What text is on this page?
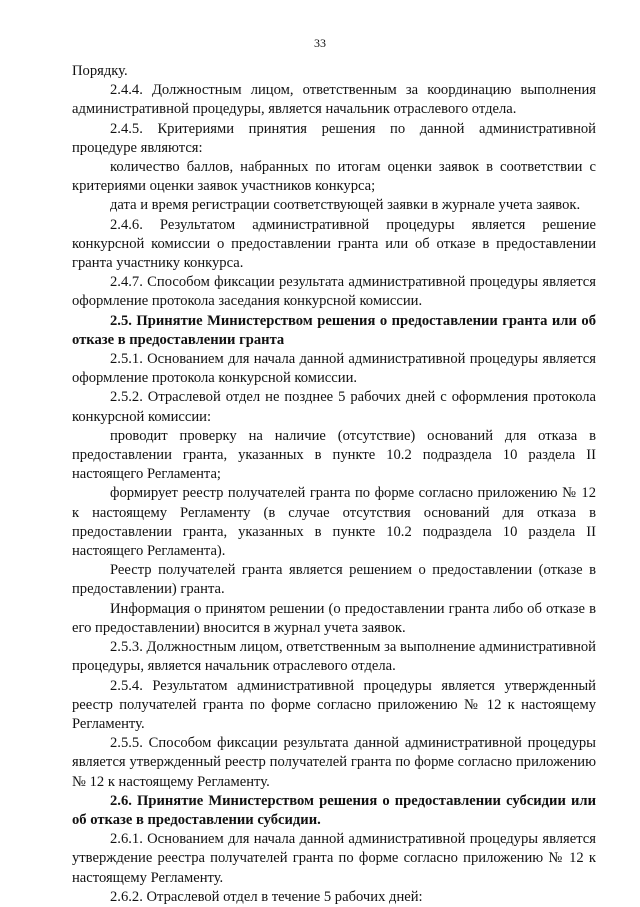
33

Порядку.

2.4.4. Должностным лицом, ответственным за координацию выполнения административной процедуры, является начальник отраслевого отдела.

2.4.5. Критериями принятия решения по данной административной процедуре являются:

количество баллов, набранных по итогам оценки заявок в соответствии с критериями оценки заявок участников конкурса;

дата и время регистрации соответствующей заявки в журнале учета заявок.

2.4.6. Результатом административной процедуры является решение конкурсной комиссии о предоставлении гранта или об отказе в предоставлении гранта участнику конкурса.

2.4.7. Способом фиксации результата административной процедуры является оформление протокола заседания конкурсной комиссии.

2.5. Принятие Министерством решения о предоставлении гранта или об отказе в предоставлении гранта

2.5.1. Основанием для начала данной административной процедуры является оформление протокола конкурсной комиссии.

2.5.2. Отраслевой отдел не позднее 5 рабочих дней с оформления протокола конкурсной комиссии:

проводит проверку на наличие (отсутствие) оснований для отказа в предоставлении гранта, указанных в пункте 10.2 подраздела 10 раздела II настоящего Регламента;

формирует реестр получателей гранта по форме согласно приложению № 12 к настоящему Регламенту (в случае отсутствия оснований для отказа в предоставлении гранта, указанных в пункте 10.2 подраздела 10 раздела II настоящего Регламента).

Реестр получателей гранта является решением о предоставлении (отказе в предоставлении) гранта.

Информация о принятом решении (о предоставлении гранта либо об отказе в его предоставлении) вносится в журнал учета заявок.

2.5.3. Должностным лицом, ответственным за выполнение административной процедуры, является начальник отраслевого отдела.

2.5.4. Результатом административной процедуры является утвержденный реестр получателей гранта по форме согласно приложению № 12 к настоящему Регламенту.

2.5.5. Способом фиксации результата данной административной процедуры является утвержденный реестр получателей гранта по форме согласно приложению № 12 к настоящему Регламенту.

2.6. Принятие Министерством решения о предоставлении субсидии или об отказе в предоставлении субсидии.

2.6.1. Основанием для начала данной административной процедуры является утверждение реестра получателей гранта по форме согласно приложению № 12 к настоящему Регламенту.

2.6.2. Отраслевой отдел в течение 5 рабочих дней:
